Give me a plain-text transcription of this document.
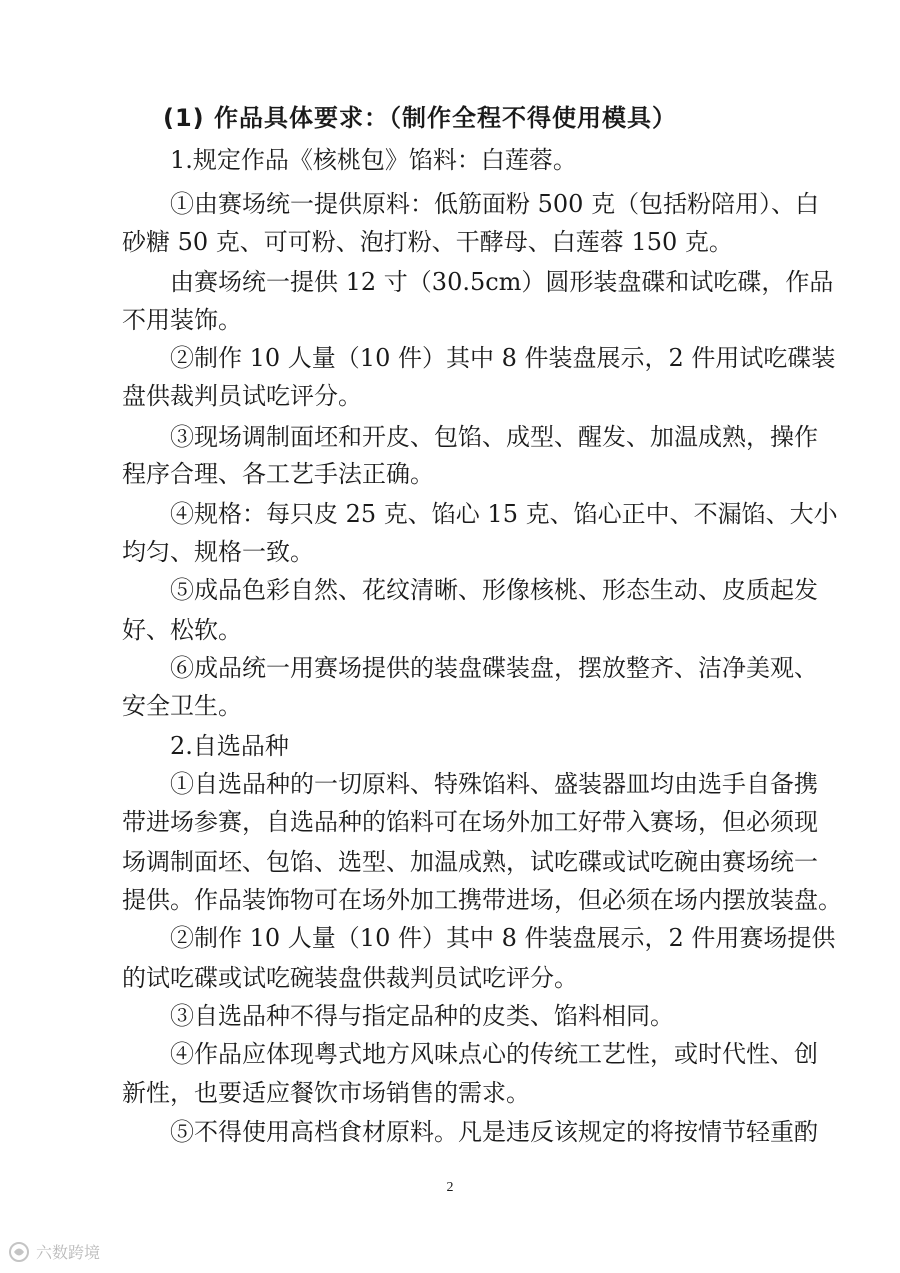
(1) 作品具体要求：（制作全程不得使用模具）
1.规定作品《核桃包》馅料：白莲蓉。
①由赛场统一提供原料：低筋面粉 500 克（包括粉陪用）、白
砂糖 50 克、可可粉、泡打粉、干酵母、白莲蓉 150 克。
由赛场统一提供 12 寸（30.5cm）圆形装盘碟和试吃碟，作品
不用装饰。
②制作 10 人量（10 件）其中 8 件装盘展示，2 件用试吃碟装
盘供裁判员试吃评分。
③现场调制面坯和开皮、包馅、成型、醒发、加温成熟，操作
程序合理、各工艺手法正确。
④规格：每只皮 25 克、馅心 15 克、馅心正中、不漏馅、大小
均匀、规格一致。
⑤成品色彩自然、花纹清晰、形像核桃、形态生动、皮质起发
好、松软。
⑥成品统一用赛场提供的装盘碟装盘，摆放整齐、洁净美观、
安全卫生。
2.自选品种
①自选品种的一切原料、特殊馅料、盛装器皿均由选手自备携
带进场参赛，自选品种的馅料可在场外加工好带入赛场，但必须现
场调制面坯、包馅、选型、加温成熟，试吃碟或试吃碗由赛场统一
提供。作品装饰物可在场外加工携带进场，但必须在场内摆放装盘。
②制作 10 人量（10 件）其中 8 件装盘展示，2 件用赛场提供
的试吃碟或试吃碗装盘供裁判员试吃评分。
③自选品种不得与指定品种的皮类、馅料相同。
④作品应体现粤式地方风味点心的传统工艺性，或时代性、创
新性，也要适应餐饮市场销售的需求。
⑤不得使用高档食材原料。凡是违反该规定的将按情节轻重酌
2
六数跨境
